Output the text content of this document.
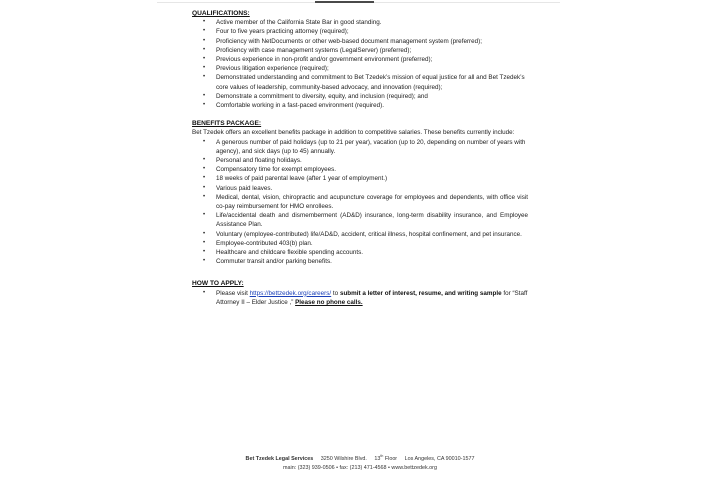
QUALIFICATIONS:
• Active member of the California State Bar in good standing.
• Four to five years practicing attorney (required);
• Proficiency with NetDocuments or other web-based document management system (preferred);
• Proficiency with case management systems (LegalServer) (preferred);
• Previous experience in non-profit and/or government environment (preferred);
• Previous litigation experience (required);
• Demonstrated understanding and commitment to Bet Tzedek’s mission of equal justice for all and Bet Tzedek’s core values of leadership, community-based advocacy, and innovation (required);
• Demonstrate a commitment to diversity, equity, and inclusion (required); and
• Comfortable working in a fast-paced environment (required).
BENEFITS PACKAGE:
Bet Tzedek offers an excellent benefits package in addition to competitive salaries. These benefits currently include:
• A generous number of paid holidays (up to 21 per year), vacation (up to 20, depending on number of years with
agency), and sick days (up to 45) annually.
• Personal and floating holidays.
• Compensatory time for exempt employees.
• 18 weeks of paid parental leave (after 1 year of employment.)
• Various paid leaves.
• Medical, dental, vision, chiropractic and acupuncture coverage for employees and dependents, with office visit co-pay reimbursement for HMO enrollees.
• Life/accidental death and dismemberment (AD&D) insurance, long-term disability insurance, and Employee Assistance Plan.
• Voluntary (employee-contributed) life/AD&D, accident, critical illness, hospital confinement, and pet insurance.
• Employee-contributed 403(b) plan.
• Healthcare and childcare flexible spending accounts.
• Commuter transit and/or parking benefits.
HOW TO APPLY:
• Please visit https://bettzedek.org/careers/ to submit a letter of interest, resume, and writing sample for “Staff Attorney II – Elder Justice ,” Please no phone calls.
Bet Tzedek Legal Services 3250 Wilshire Blvd. 13th Floor Los Angeles, CA 90010-1577
main: (323) 939-0506 • fax: (213) 471-4568 • www.bettzedek.org
